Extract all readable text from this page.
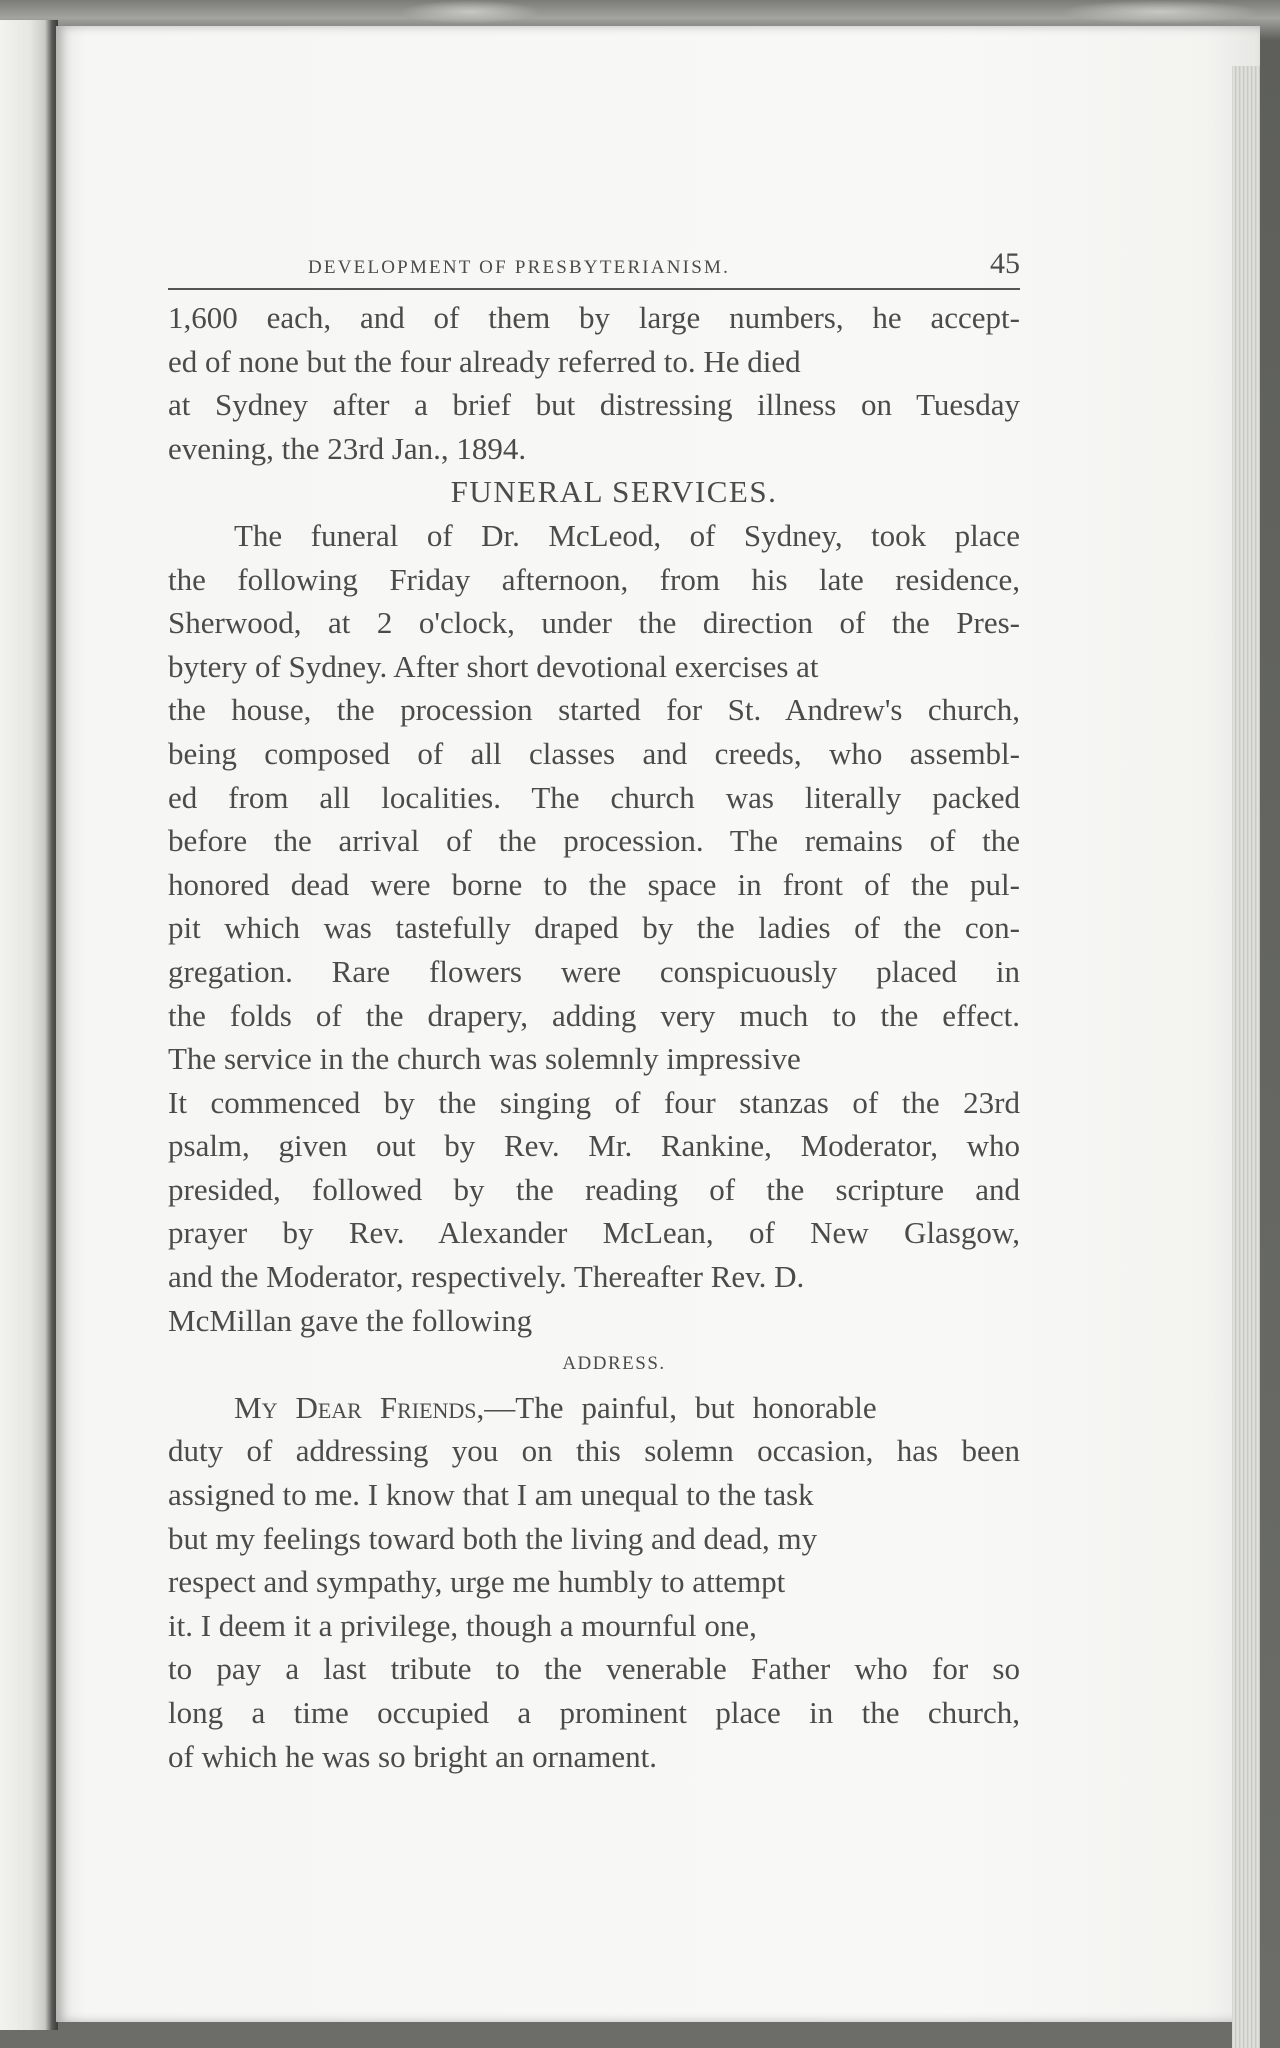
DEVELOPMENT OF PRESBYTERIANISM.	45
1,600 each, and of them by large numbers, he accept-
ed of none but the four already referred to. He died
at Sydney after a brief but distressing illness on Tuesday
evening, the 23rd Jan., 1894.
FUNERAL SERVICES.
The funeral of Dr. McLeod, of Sydney, took place
the following Friday afternoon, from his late residence,
Sherwood, at 2 o'clock, under the direction of the Pres-
bytery of Sydney. After short devotional exercises at
the house, the procession started for St. Andrew's church,
being composed of all classes and creeds, who assembl-
ed from all localities. The church was literally packed
before the arrival of the procession. The remains of the
honored dead were borne to the space in front of the pul-
pit which was tastefully draped by the ladies of the con-
gregation. Rare flowers were conspicuously placed in
the folds of the drapery, adding very much to the effect.
The service in the church was solemnly impressive
It commenced by the singing of four stanzas of the 23rd
psalm, given out by Rev. Mr. Rankine, Moderator, who
presided, followed by the reading of the scripture and
prayer by Rev. Alexander McLean, of New Glasgow,
and the Moderator, respectively. Thereafter Rev. D.
McMillan gave the following
ADDRESS.
My Dear Friends,—The painful, but honorable
duty of addressing you on this solemn occasion, has been
assigned to me. I know that I am unequal to the task
but my feelings toward both the living and dead, my
respect and sympathy, urge me humbly to attempt
it. I deem it a privilege, though a mournful one,
to pay a last tribute to the venerable Father who for so
long a time occupied a prominent place in the church,
of which he was so bright an ornament.
